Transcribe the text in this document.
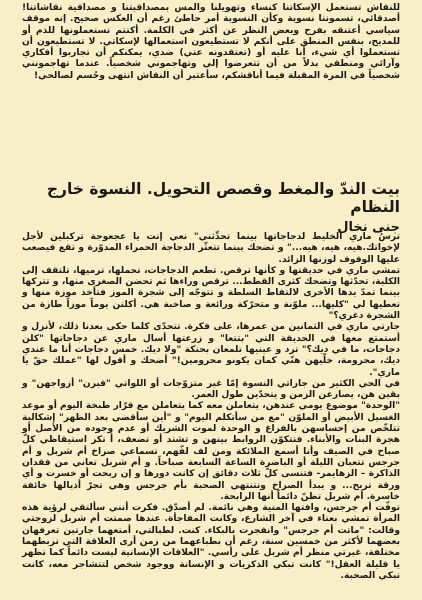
للنقاش تستعمل الإسكاتنا كنساء وتهويلنا والمس بمصداقيتنا و مصداقية نقاشاتنا! أصدقائي، تسموننا نسوية وكأن النسوية أمر حاطئ رغم أن العكس صحيح. إنه موقف سياسي أعتنقه بفرح وبعض النظر عن أكثر في الكلمة. أكتتم تستعملونها للذم أو للمديح، بنفس المنطق على أنكم لا تستطيعون استعمالها لإسكاتي. لا تستطيعون أن تستعملوا أي شيء، أنا عليه أو (تعتقدونه عني) ضدي، يمكنكم أن تجاربوا أفكاري وآرائي ومنطقي بدلاً من أن تتعرضوا إلي وتهاجموني شخصياً. عندما تهاجمونني شخصياً في المرة المقبلة فيما أناقشكم، سأعتبر أن النقاش انتهى وحُسم لصالحي!

بيت الندّ والمغط وقصص التحويل. النسوة خارج النظام
جنى نخال

ترسُ ماري الخليط لدجاجاتها بينما تحدِّثني" نعي إنت يا عجعوجة تركبلين لأجل لإخواتك.هيه، هيه، هيه..." و تضحك بينما تتعثّر الدجاجة الحمراء المدوّرة و تقع فيصعب عليها الوقوف لوزنها الزائد.

تمشي ماري في حديقتها و كأنها ترقص. تطعم الدجاجات، تحملها، ترميها، تلتقف إلى الكلية، تحدّثها وتضحك كثرى القطط... ترقص وراءها ثم تحضن الصغرى منها، و تتركها بينما تمدّ يدها الأخرى لالتقاط السلطة و تتوجّه إلى شجرة الموز فتأخذ موزة منها و تعطيها لي "كليها... ملوّنة و متحرّكة ورائعة و صاخبة هي. أكلتن يوماً موزاً طازة من الشجرة دغري؟"

جارتي ماري في الثمانين من عمرها، على فكرة. تتحدّى كلما حكى بعدنا ذلك، لأنزل و أستمتع معها في الحديقة التي "بتتعا" و زرعتها أسال ماري عن دجاجاتها "كلن دجاجات، ما في ديك؟" ترد و عينيها تلمعان بحنكة "ولا ديك. خمس دجاجات أنا ما عندي ديك، محرومة، خلّيهن هنّي كمان يكونو محرومين!" أضحك و أقول لها "عملك حقّ يا ماري".

في الحي الكثير من جاراتي النسوة إمّا غير متزوّجات أو اللواتي "قبرن" أزواجهن" و بقين هن، يصارعن الزمن و يتحدّين طول العمر.

"الوحدة" موضوع يومي عندهن، يتعاملن معه كما يتعاملن مع قرّار طبخة اليوم أو موعد الغسيل الأبيض أو الملوّن "مع من سأتكلم اليوم" و "أين سأقضي بعد الظهر" إشكالية تتلخّص من إحساسهن بالفراغ و الوحدة لموت الشريك أو عدم وجوده من الأصل أو هجرة البنات والأبناء. فتتكوّن الروابط بينهن و تشتد أو تضعف، أ تكر استيقاظي كلّ صباح في الصيف وأنا أسمع الملائكة ومن لف لفّهم، تسماعي صراخ أم شربل و أم جرجس تتعبان الليلة أو الباضرة الساعة السابعة صباحاً. و أم شربل تعاني من فقدان الذاكرة – الزهايمر- فتنسى كلّ ثلاث دقائق إن كانت دورها و إن ربحت أو خسرت و أي ورقة تربح... و يبدأ الصراخ ونتنتهي الصحبة بأم جرجس وهي تجرّ أذيالها خائفة خاسرة. أم شربل تظنّ دائماً أنها الرابحة.

توفّت أم جرجس، وافتها المنية وهي نائمة. لم أصدّق. فكرت أنني سألتقي لرؤية هذه المرأة تمشي بعناء في آخر الشارع، وكانت المفاجأة. عندها صمتت أم شربل لزوجتي وقالت: "ماتت أم جرجس" وانفجرت بالبكاء. كنت. لطبالتي، أمتعهما جارتين تعرفهان بعضهما لأكثر من خمسين سنة، رغم أن بطباعهما من زمن أرى العلاقة التي تربطهما مختلفة، غيرتي منظر أم شربل على رأسي. "العلاقات الإنسانية ليست دائماً كما تظهر يا قليلة العقل!" كانت تبكي الذكريات و الإنسانة ووجود شخص لتتشاجر معه، كانت تبكي الصحبة.
